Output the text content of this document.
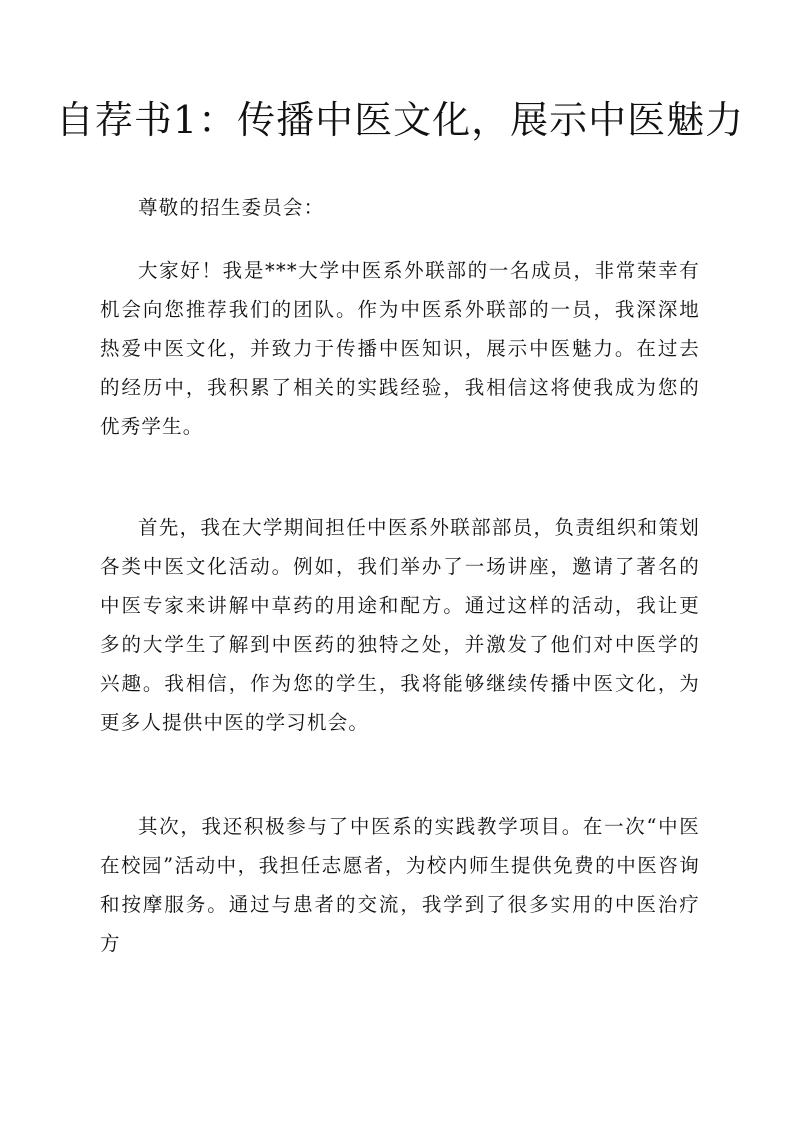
自荐书1：传播中医文化，展示中医魅力

尊敬的招生委员会：

大家好！我是***大学中医系外联部的一名成员，非常荣幸有机会向您推荐我们的团队。作为中医系外联部的一员，我深深地热爱中医文化，并致力于传播中医知识，展示中医魅力。在过去的经历中，我积累了相关的实践经验，我相信这将使我成为您的优秀学生。

首先，我在大学期间担任中医系外联部部员，负责组织和策划各类中医文化活动。例如，我们举办了一场讲座，邀请了著名的中医专家来讲解中草药的用途和配方。通过这样的活动，我让更多的大学生了解到中医药的独特之处，并激发了他们对中医学的兴趣。我相信，作为您的学生，我将能够继续传播中医文化，为更多人提供中医的学习机会。

其次，我还积极参与了中医系的实践教学项目。在一次“中医在校园”活动中，我担任志愿者，为校内师生提供免费的中医咨询和按摩服务。通过与患者的交流，我学到了很多实用的中医治疗方
